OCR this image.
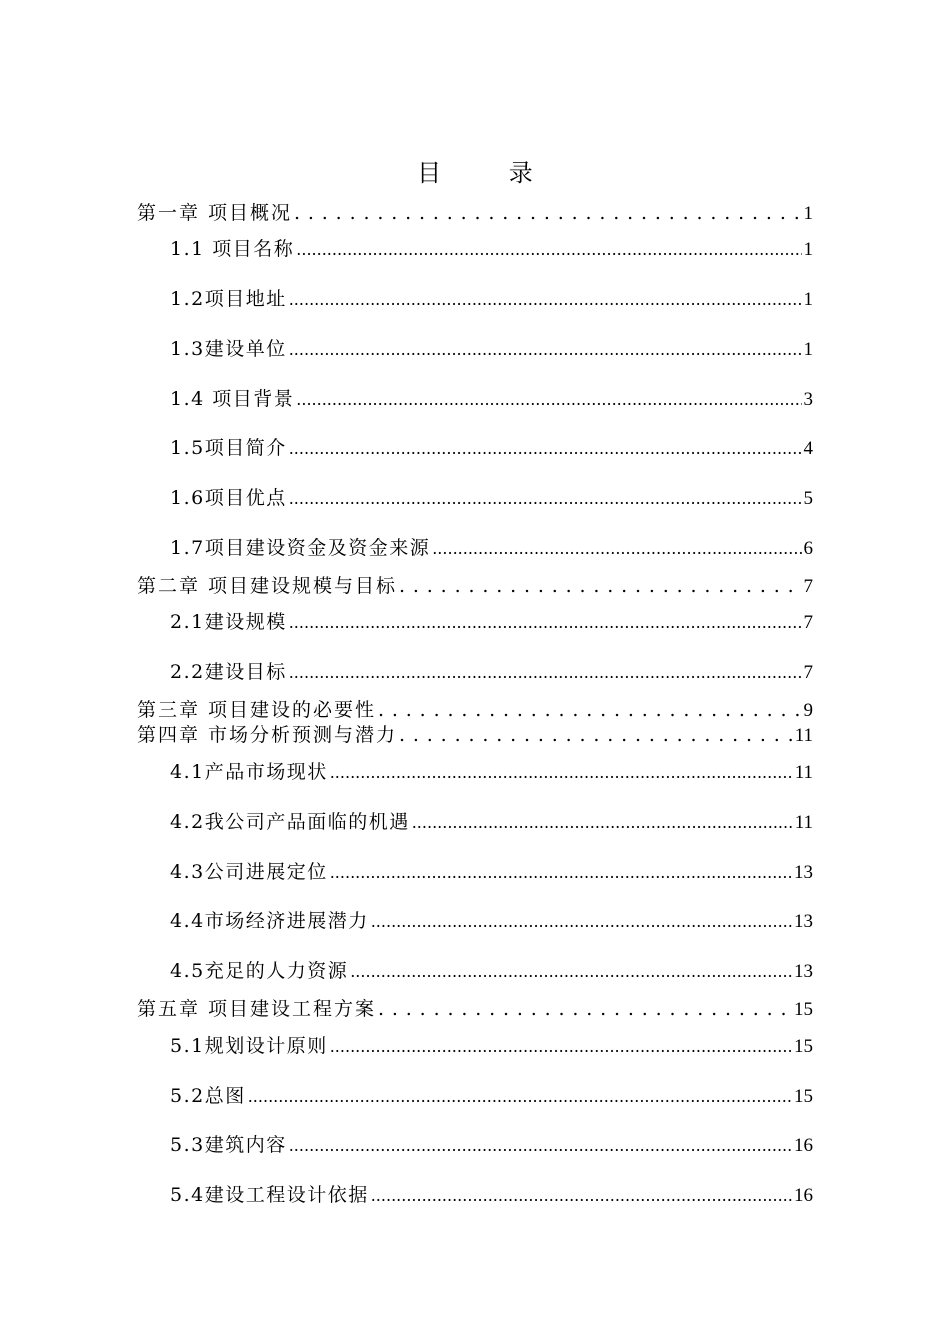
目 录
第一章 项目概况 . . .	1
1.1 项目名称 .....	1
1.2项目地址 .....	1
1.3建设单位 .....	1
1.4 项目背景 .....	3
1.5项目简介 .....	4
1.6项目优点 .....	5
1.7项目建设资金及资金来源 .....	6
第二章 项目建设规模与目标 . . .	7
2.1建设规模 .....	7
2.2建设目标 .....	7
第三章 项目建设的必要性 . . .	9
第四章 市场分析预测与潜力 . . .	11
4.1产品市场现状 .....	11
4.2我公司产品面临的机遇 .....	11
4.3公司进展定位 .....	13
4.4市场经济进展潜力 .....	13
4.5充足的人力资源 .....	13
第五章 项目建设工程方案 . . .	15
5.1规划设计原则 .....	15
5.2总图 .....	15
5.3建筑内容 .....	16
5.4建设工程设计依据 .....	16
